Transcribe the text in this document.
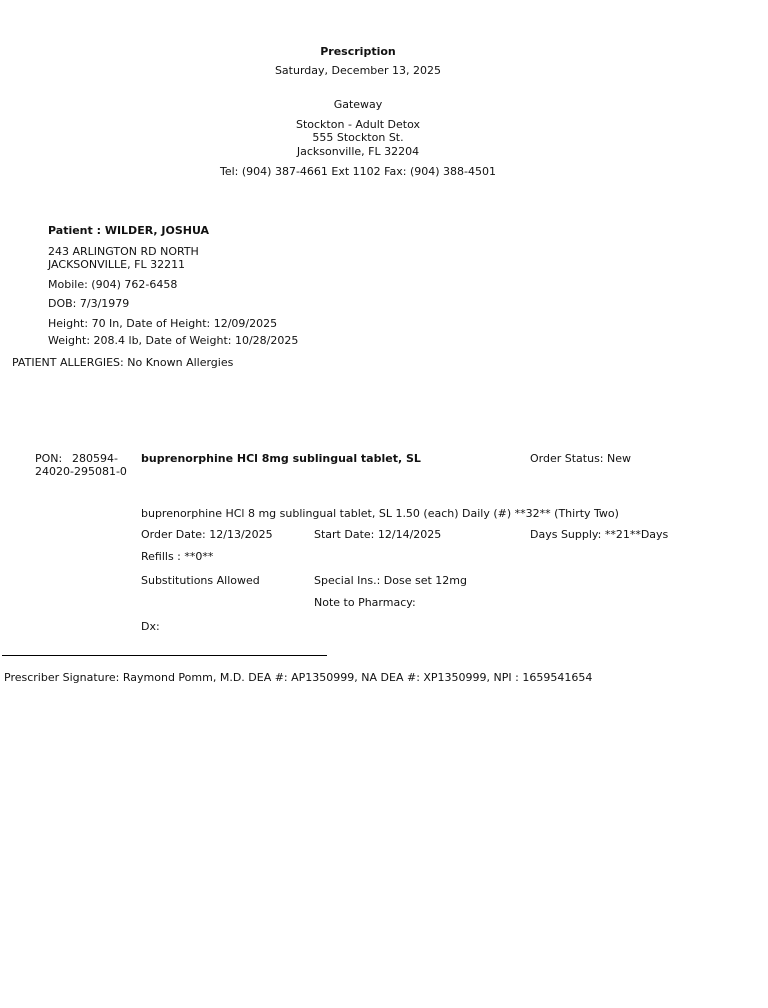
Prescription
Saturday, December 13, 2025
Gateway
Stockton - Adult Detox
555 Stockton St.
Jacksonville, FL 32204
Tel: (904) 387-4661 Ext 1102 Fax: (904) 388-4501
Patient : WILDER, JOSHUA
243 ARLINGTON RD NORTH
JACKSONVILLE, FL 32211
Mobile: (904) 762-6458
DOB: 7/3/1979
Height: 70 In, Date of Height: 12/09/2025
Weight: 208.4 lb, Date of Weight: 10/28/2025
PATIENT ALLERGIES: No Known Allergies
PON: 280594-
24020-295081-0
buprenorphine HCl 8mg sublingual tablet, SL	Order Status: New
buprenorphine HCl 8 mg sublingual tablet, SL 1.50 (each) Daily (#) **32** (Thirty Two)
Order Date: 12/13/2025	Start Date: 12/14/2025	Days Supply: **21**Days
Refills : **0**
Substitutions Allowed	Special Ins.: Dose set 12mg
Note to Pharmacy:
Dx:
Prescriber Signature: Raymond Pomm, M.D. DEA #: AP1350999, NA DEA #: XP1350999, NPI : 1659541654
